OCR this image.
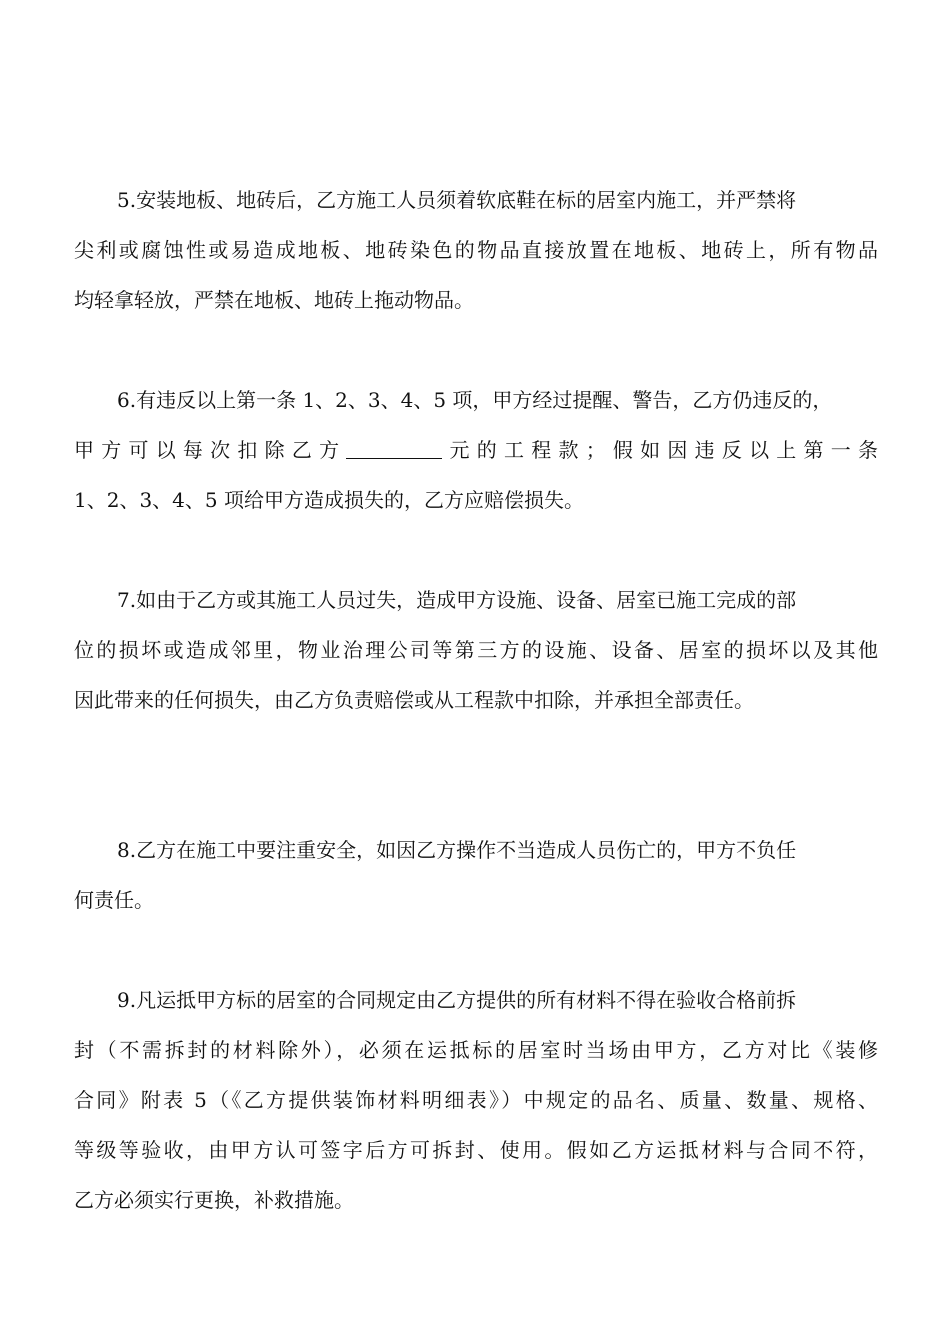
5.安装地板、地砖后，乙方施工人员须着软底鞋在标的居室内施工，并严禁将
尖利或腐蚀性或易造成地板、地砖染色的物品直接放置在地板、地砖上，所有物品
均轻拿轻放，严禁在地板、地砖上拖动物品。
6.有违反以上第一条 1、2、3、4、5 项，甲方经过提醒、警告，乙方仍违反的，
甲方可以每次扣除乙方	元的工程款；假如因违反以上第一条
1、2、3、4、5 项给甲方造成损失的，乙方应赔偿损失。
7.如由于乙方或其施工人员过失，造成甲方设施、设备、居室已施工完成的部
位的损坏或造成邻里，物业治理公司等第三方的设施、设备、居室的损坏以及其他
因此带来的任何损失，由乙方负责赔偿或从工程款中扣除，并承担全部责任。
8.乙方在施工中要注重安全，如因乙方操作不当造成人员伤亡的，甲方不负任
何责任。
9.凡运抵甲方标的居室的合同规定由乙方提供的所有材料不得在验收合格前拆
封（不需拆封的材料除外），必须在运抵标的居室时当场由甲方，乙方对比《装修
合同》附表 5（《乙方提供装饰材料明细表》）中规定的品名、质量、数量、规格、
等级等验收，由甲方认可签字后方可拆封、使用。假如乙方运抵材料与合同不符，
乙方必须实行更换，补救措施。
